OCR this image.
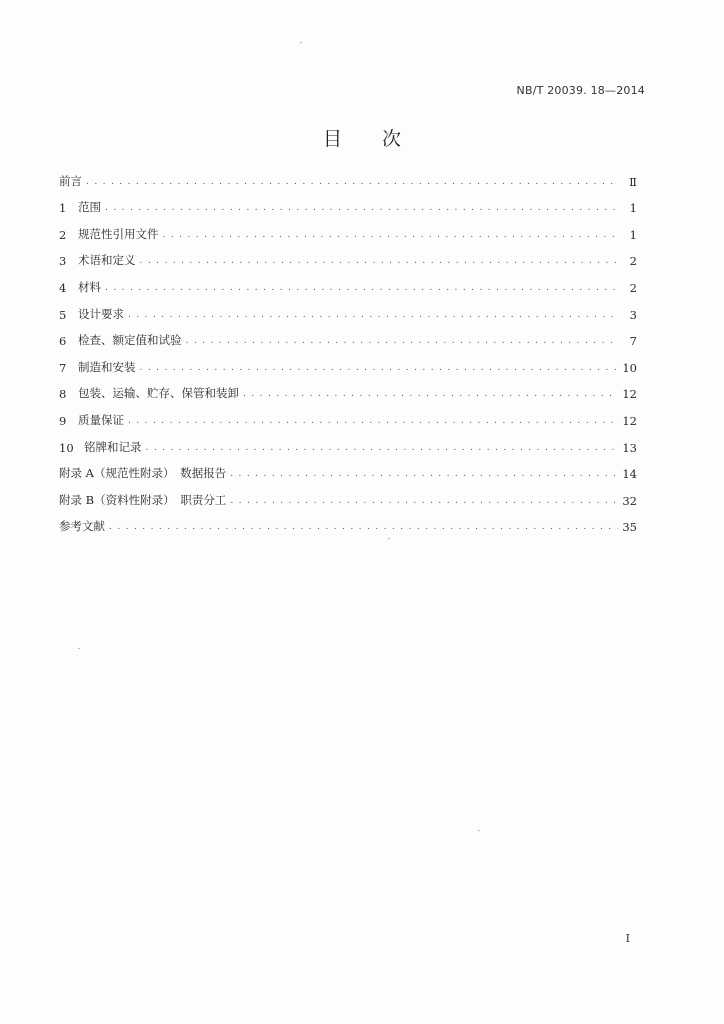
NB/T 20039. 18—2014
目 次
前言 . . .	Ⅱ
1	范围 . . .	1
2	规范性引用文件 . . .	1
3	术语和定义 . . .	2
4	材料 . . .	2
5	设计要求 . . .	3
6	检查、额定值和试验 . . .	7
7	制造和安装 . . .	10
8	包装、运输、贮存、保管和装卸 . . .	12
9	质量保证 . . .	12
10 铭牌和记录 . . .	13
附录 A（规范性附录）　数据报告 . . .	14
附录 B（资料性附录）　职责分工 . . .	32
参考文献 . . .	35
I
